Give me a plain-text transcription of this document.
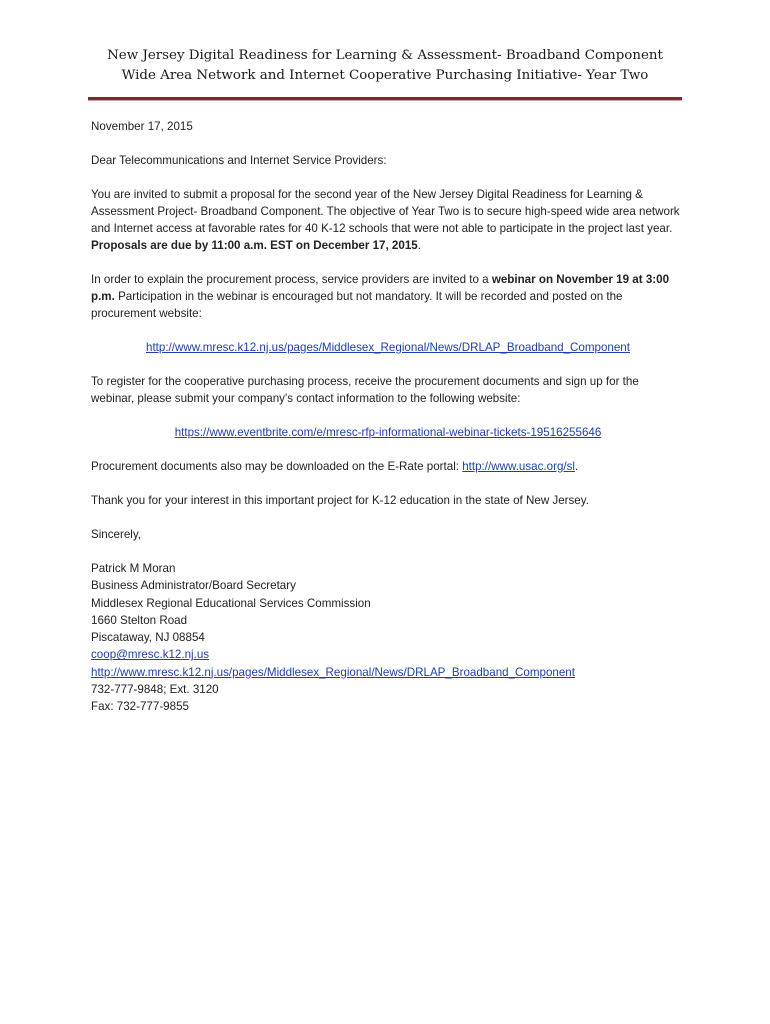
New Jersey Digital Readiness for Learning & Assessment- Broadband Component
Wide Area Network and Internet Cooperative Purchasing Initiative- Year Two

November 17, 2015

Dear Telecommunications and Internet Service Providers:

You are invited to submit a proposal for the second year of the New Jersey Digital Readiness for Learning & Assessment Project- Broadband Component. The objective of Year Two is to secure high-speed wide area network and Internet access at favorable rates for 40 K-12 schools that were not able to participate in the project last year. Proposals are due by 11:00 a.m. EST on December 17, 2015.

In order to explain the procurement process, service providers are invited to a webinar on November 19 at 3:00 p.m. Participation in the webinar is encouraged but not mandatory. It will be recorded and posted on the procurement website:

http://www.mresc.k12.nj.us/pages/Middlesex_Regional/News/DRLAP_Broadband_Component

To register for the cooperative purchasing process, receive the procurement documents and sign up for the webinar, please submit your company's contact information to the following website:

https://www.eventbrite.com/e/mresc-rfp-informational-webinar-tickets-19516255646

Procurement documents also may be downloaded on the E-Rate portal: http://www.usac.org/sl.

Thank you for your interest in this important project for K-12 education in the state of New Jersey.

Sincerely,

Patrick M Moran
Business Administrator/Board Secretary
Middlesex Regional Educational Services Commission
1660 Stelton Road
Piscataway, NJ 08854
coop@mresc.k12.nj.us
http://www.mresc.k12.nj.us/pages/Middlesex_Regional/News/DRLAP_Broadband_Component
732-777-9848; Ext. 3120
Fax: 732-777-9855
